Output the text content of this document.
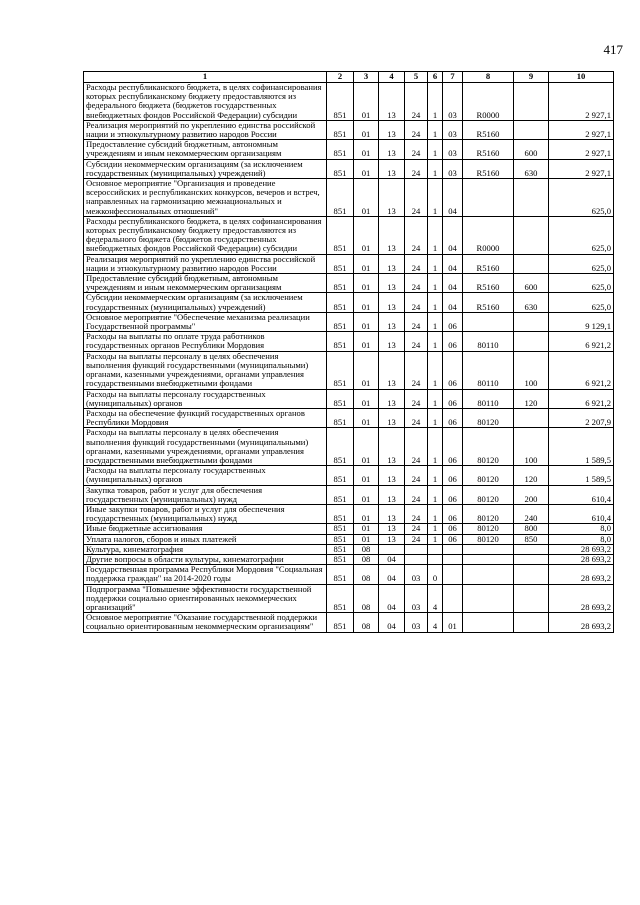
417
1	2	3	4	5	6	7	8	9	10
Расходы республиканского бюджета, в целях софинансирования которых республиканскому бюджету предоставляются из федерального бюджета (бюджетов государственных внебюджетных фондов Российской Федерации) субсидии	851	01	13	24	1	03	R0000		2 927,1
Реализация мероприятий по укреплению единства российской нации и этнокультурному развитию народов России	851	01	13	24	1	03	R5160		2 927,1
Предоставление субсидий бюджетным, автономным учреждениям и иным некоммерческим организациям	851	01	13	24	1	03	R5160	600	2 927,1
Субсидии некоммерческим организациям (за исключением государственных (муниципальных) учреждений)	851	01	13	24	1	03	R5160	630	2 927,1
Основное мероприятие "Организация и проведение всероссийских и республиканских конкурсов, вечеров и встреч, направленных на гармонизацию межнациональных и межконфессиональных отношений"	851	01	13	24	1	04			625,0
Расходы республиканского бюджета, в целях софинансирования которых республиканскому бюджету предоставляются из федерального бюджета (бюджетов государственных внебюджетных фондов Российской Федерации) субсидии	851	01	13	24	1	04	R0000		625,0
Реализация мероприятий по укреплению единства российской нации и этнокультурному развитию народов России	851	01	13	24	1	04	R5160		625,0
Предоставление субсидий бюджетным, автономным учреждениям и иным некоммерческим организациям	851	01	13	24	1	04	R5160	600	625,0
Субсидии некоммерческим организациям (за исключением государственных (муниципальных) учреждений)	851	01	13	24	1	04	R5160	630	625,0
Основное мероприятие "Обеспечение механизма реализации Государственной программы"	851	01	13	24	1	06			9 129,1
Расходы на выплаты по оплате труда работников государственных органов Республики Мордовия	851	01	13	24	1	06	80110		6 921,2
Расходы на выплаты персоналу в целях обеспечения выполнения функций государственными (муниципальными) органами, казенными учреждениями, органами управления государственными внебюджетными фондами	851	01	13	24	1	06	80110	100	6 921,2
Расходы на выплаты персоналу государственных (муниципальных) органов	851	01	13	24	1	06	80110	120	6 921,2
Расходы на обеспечение функций государственных органов Республики Мордовия	851	01	13	24	1	06	80120		2 207,9
Расходы на выплаты персоналу в целях обеспечения выполнения функций государственными (муниципальными) органами, казенными учреждениями, органами управления государственными внебюджетными фондами	851	01	13	24	1	06	80120	100	1 589,5
Расходы на выплаты персоналу государственных (муниципальных) органов	851	01	13	24	1	06	80120	120	1 589,5
Закупка товаров, работ и услуг для обеспечения государственных (муниципальных) нужд	851	01	13	24	1	06	80120	200	610,4
Иные закупки товаров, работ и услуг для обеспечения государственных (муниципальных) нужд	851	01	13	24	1	06	80120	240	610,4
Иные бюджетные ассигнования	851	01	13	24	1	06	80120	800	8,0
Уплата налогов, сборов и иных платежей	851	01	13	24	1	06	80120	850	8,0
Культура, кинематография	851	08							28 693,2
Другие вопросы в области культуры, кинематографии	851	08	04						28 693,2
Государственная программа Республики Мордовия "Социальная поддержка граждан" на 2014-2020 годы	851	08	04	03	0				28 693,2
Подпрограмма "Повышение эффективности государственной поддержки социально ориентированных некоммерческих организаций"	851	08	04	03	4				28 693,2
Основное мероприятие "Оказание государственной поддержки социально ориентированным некоммерческим организациям"	851	08	04	03	4	01			28 693,2
